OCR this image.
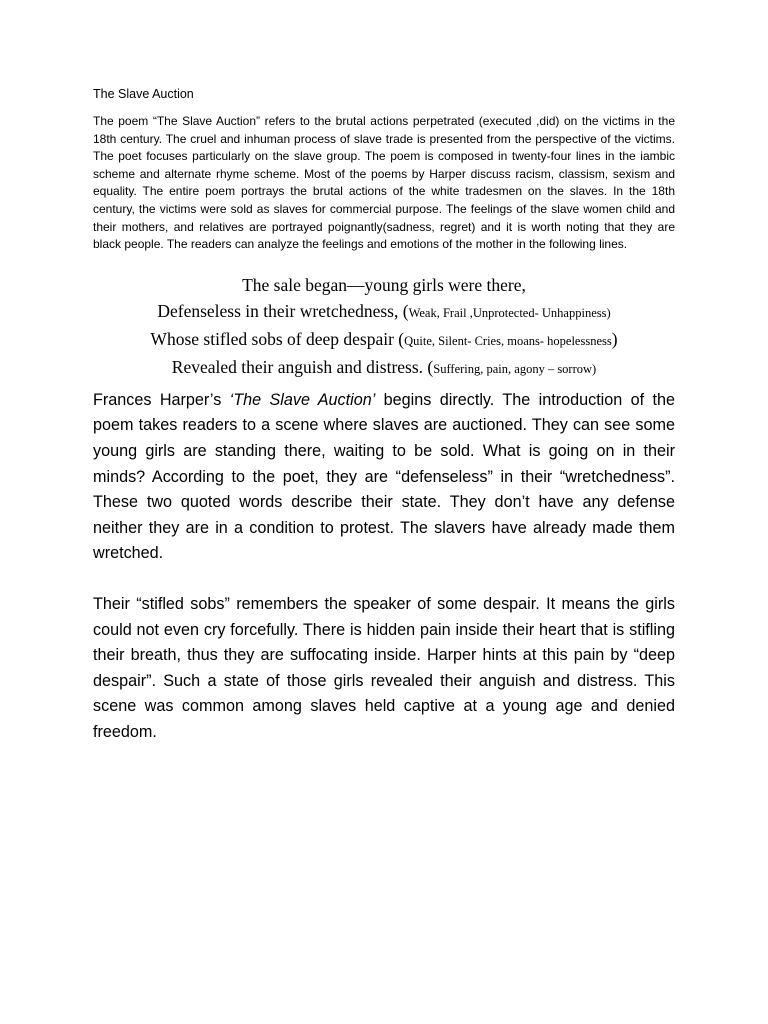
The Slave Auction

The poem “The Slave Auction” refers to the brutal actions perpetrated (executed ,did) on the victims in the 18th century. The cruel and inhuman process of slave trade is presented from the perspective of the victims. The poet focuses particularly on the slave group. The poem is composed in twenty-four lines in the iambic scheme and alternate rhyme scheme. Most of the poems by Harper discuss racism, classism, sexism and equality. The entire poem portrays the brutal actions of the white tradesmen on the slaves. In the 18th century, the victims were sold as slaves for commercial purpose. The feelings of the slave women child and their mothers, and relatives are portrayed poignantly(sadness, regret) and it is worth noting that they are black people. The readers can analyze the feelings and emotions of the mother in the following lines.

The sale began—young girls were there,
Defenseless in their wretchedness, (Weak, Frail ,Unprotected- Unhappiness)
Whose stifled sobs of deep despair (Quite, Silent- Cries, moans- hopelessness)
Revealed their anguish and distress. (Suffering, pain, agony – sorrow)

Frances Harper’s ‘The Slave Auction’ begins directly. The introduction of the poem takes readers to a scene where slaves are auctioned. They can see some young girls are standing there, waiting to be sold. What is going on in their minds? According to the poet, they are “defenseless” in their “wretchedness”. These two quoted words describe their state. They don’t have any defense neither they are in a condition to protest. The slavers have already made them wretched.

Their “stifled sobs” remembers the speaker of some despair. It means the girls could not even cry forcefully. There is hidden pain inside their heart that is stifling their breath, thus they are suffocating inside. Harper hints at this pain by “deep despair”. Such a state of those girls revealed their anguish and distress. This scene was common among slaves held captive at a young age and denied freedom.
